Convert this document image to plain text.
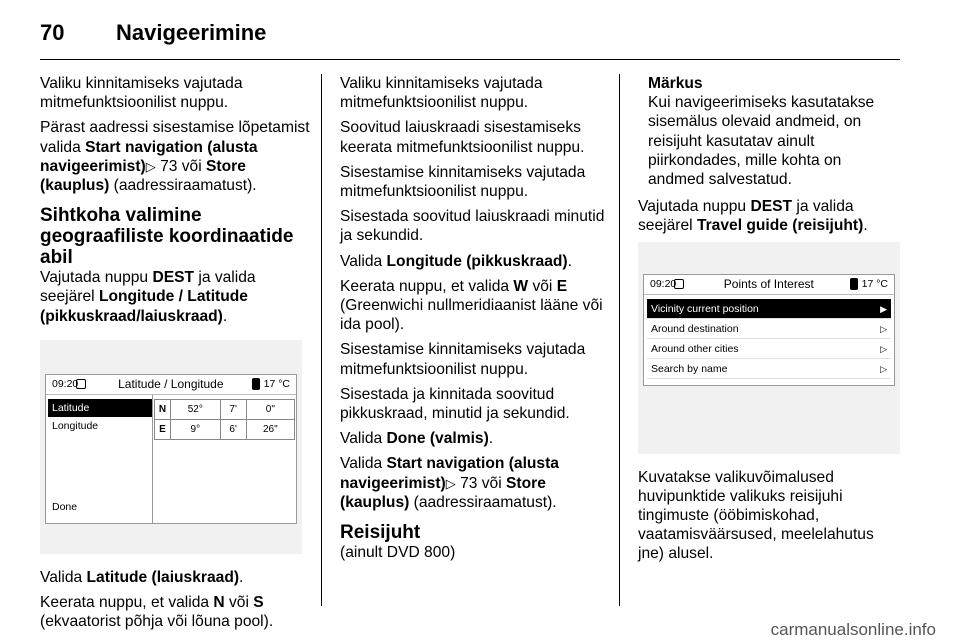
70	Navigeerimine

Valiku kinnitamiseks vajutada mitmefunktsioonilist nuppu.

Pärast aadressi sisestamise lõpetamist valida Start navigation (alusta navigeerimist)▷ 73 või Store (kauplus) (aadressiraamatust).

Sihtkoha valimine geograafiliste koordinaatide abil

Vajutada nuppu DEST ja valida seejärel Longitude / Latitude (pikkuskraad/laiuskraad).

09:20	Latitude / Longitude	17 °C
Latitude
Longitude
N	52°	7'	0"
E	9°	6'	26"
Done

Valida Latitude (laiuskraad).

Keerata nuppu, et valida N või S (ekvaatorist põhja või lõuna pool).

Valiku kinnitamiseks vajutada mitmefunktsioonilist nuppu.

Soovitud laiuskraadi sisestamiseks keerata mitmefunktsioonilist nuppu.

Sisestamise kinnitamiseks vajutada mitmefunktsioonilist nuppu.

Sisestada soovitud laiuskraadi minutid ja sekundid.

Valida Longitude (pikkuskraad).

Keerata nuppu, et valida W või E (Greenwichi nullmeridiaanist lääne või ida pool).

Sisestamise kinnitamiseks vajutada mitmefunktsioonilist nuppu.

Sisestada ja kinnitada soovitud pikkuskraad, minutid ja sekundid.

Valida Done (valmis).

Valida Start navigation (alusta navigeerimist)▷ 73 või Store (kauplus) (aadressiraamatust).

Reisijuht

(ainult DVD 800)

Märkus
Kui navigeerimiseks kasutatakse sisemälus olevaid andmeid, on reisijuht kasutatav ainult piirkondades, mille kohta on andmed salvestatud.

Vajutada nuppu DEST ja valida seejärel Travel guide (reisijuht).

09:20	Points of Interest	17 °C
Vicinity current position	▶
Around destination	▷
Around other cities	▷
Search by name	▷

Kuvatakse valikuvõimalused huvipunktide valikuks reisijuhi tingimuste (ööbimiskohad, vaatamisväärsused, meelelahutus jne) alusel.

carmanualsonline.info
